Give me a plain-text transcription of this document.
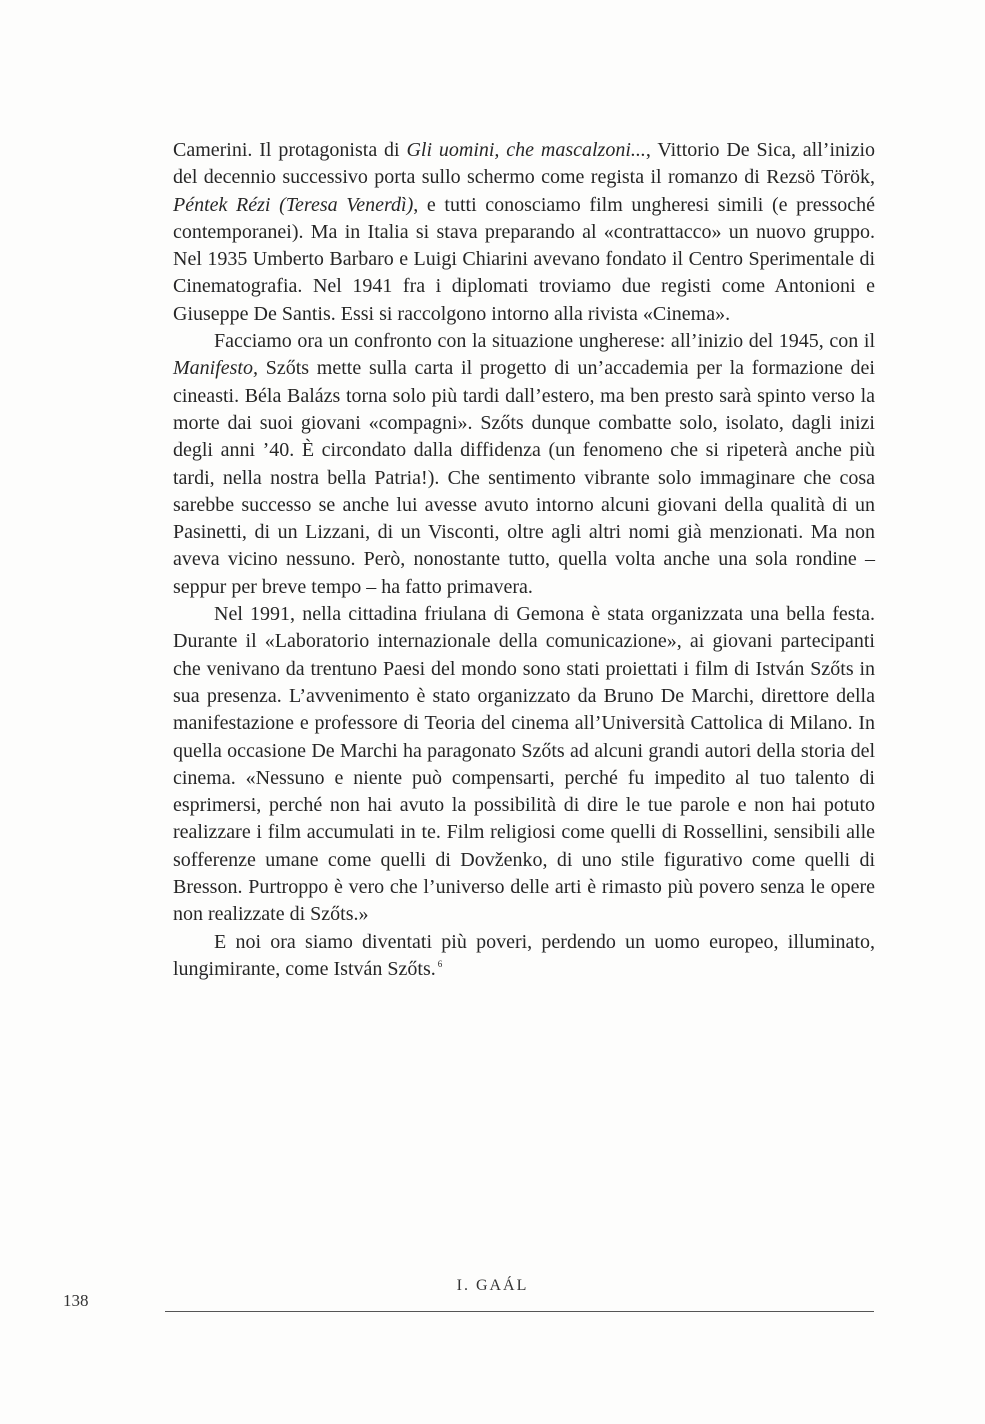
Camerini. Il protagonista di Gli uomini, che mascalzoni..., Vittorio De Sica, all’inizio del decennio successivo porta sullo schermo come regista il romanzo di Rezsö Török, Péntek Rézi (Teresa Venerdì), e tutti conosciamo film ungheresi simili (e pressoché contemporanei). Ma in Italia si stava preparando al «contrattacco» un nuovo gruppo. Nel 1935 Umberto Barbaro e Luigi Chiarini avevano fondato il Centro Sperimentale di Cinematografia. Nel 1941 fra i diplomati troviamo due registi come Antonioni e Giuseppe De Santis. Essi si raccolgono intorno alla rivista «Cinema».

Facciamo ora un confronto con la situazione ungherese: all’inizio del 1945, con il Manifesto, Szőts mette sulla carta il progetto di un’accademia per la formazione dei cineasti. Béla Balázs torna solo più tardi dall’estero, ma ben presto sarà spinto verso la morte dai suoi giovani «compagni». Szőts dunque combatte solo, isolato, dagli inizi degli anni ’40. È circondato dalla diffidenza (un fenomeno che si ripeterà anche più tardi, nella nostra bella Patria!). Che sentimento vibrante solo immaginare che cosa sarebbe successo se anche lui avesse avuto intorno alcuni giovani della qualità di un Pasinetti, di un Lizzani, di un Visconti, oltre agli altri nomi già menzionati. Ma non aveva vicino nessuno. Però, nonostante tutto, quella volta anche una sola rondine – seppur per breve tempo – ha fatto primavera.

Nel 1991, nella cittadina friulana di Gemona è stata organizzata una bella festa. Durante il «Laboratorio internazionale della comunicazione», ai giovani partecipanti che venivano da trentuno Paesi del mondo sono stati proiettati i film di István Szőts in sua presenza. L’avvenimento è stato organizzato da Bruno De Marchi, direttore della manifestazione e professore di Teoria del cinema all’Università Cattolica di Milano. In quella occasione De Marchi ha paragonato Szőts ad alcuni grandi autori della storia del cinema. «Nessuno e niente può compensarti, perché fu impedito al tuo talento di esprimersi, perché non hai avuto la possibilità di dire le tue parole e non hai potuto realizzare i film accumulati in te. Film religiosi come quelli di Rossellini, sensibili alle sofferenze umane come quelli di Dovženko, di uno stile figurativo come quelli di Bresson. Purtroppo è vero che l’universo delle arti è rimasto più povero senza le opere non realizzate di Szőts.»

E noi ora siamo diventati più poveri, perdendo un uomo europeo, illuminato, lungimirante, come István Szőts. $^6$

138
I. GAÁL
